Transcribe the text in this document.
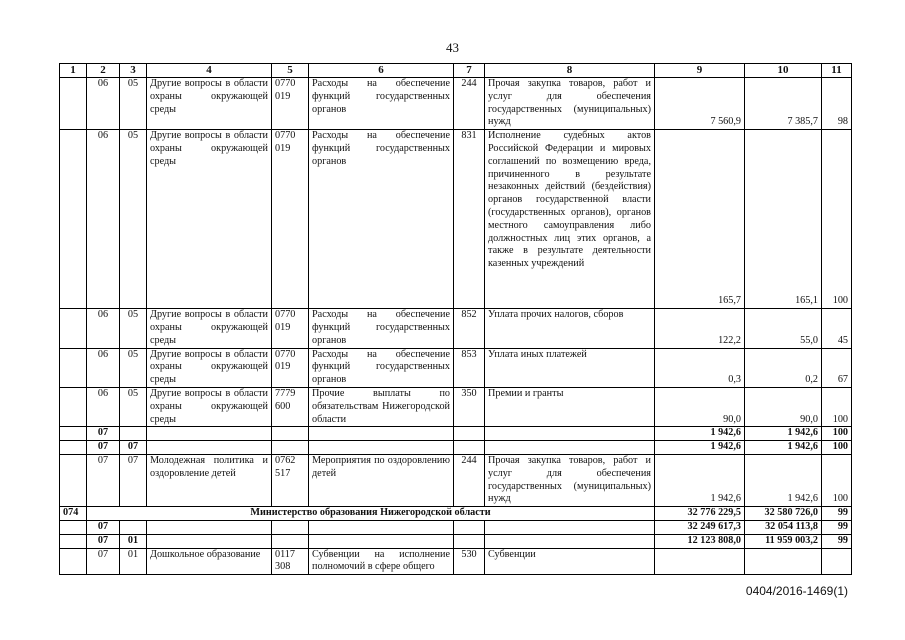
43
1	2	3	4	5	6	7	8	9	10	11
	06	05	Другие вопросы в области охраны окружающей среды	0770 019	Расходы на обеспечение функций государственных органов	244	Прочая закупка товаров, работ и услуг для обеспечения государственных (муниципальных) нужд	7 560,9	7 385,7	98
	06	05	Другие вопросы в области охраны окружающей среды	0770 019	Расходы на обеспечение функций государственных органов	831	Исполнение судебных актов Российской Федерации и мировых соглашений по возмещению вреда, причиненного в результате незаконных действий (бездействия) органов государственной власти (государственных органов), органов местного самоуправления либо должностных лиц этих органов, а также в результате деятельности казенных учреждений	165,7	165,1	100
	06	05	Другие вопросы в области охраны окружающей среды	0770 019	Расходы на обеспечение функций государственных органов	852	Уплата прочих налогов, сборов	122,2	55,0	45
	06	05	Другие вопросы в области охраны окружающей среды	0770 019	Расходы на обеспечение функций государственных органов	853	Уплата иных платежей	0,3	0,2	67
	06	05	Другие вопросы в области охраны окружающей среды	7779 600	Прочие выплаты по обязательствам Нижегородской области	350	Премии и гранты	90,0	90,0	100
	07							1 942,6	1 942,6	100
	07	07						1 942,6	1 942,6	100
	07	07	Молодежная политика и оздоровление детей	0762 517	Мероприятия по оздоровлению детей	244	Прочая закупка товаров, работ и услуг для обеспечения государственных (муниципальных) нужд	1 942,6	1 942,6	100
074	Министерство образования Нижегородской области							32 776 229,5	32 580 726,0	99
	07							32 249 617,3	32 054 113,8	99
	07	01						12 123 808,0	11 959 003,2	99
	07	01	Дошкольное образование	0117 308	Субвенции на исполнение полномочий в сфере общего	530	Субвенции			
0404/2016-1469(1)
